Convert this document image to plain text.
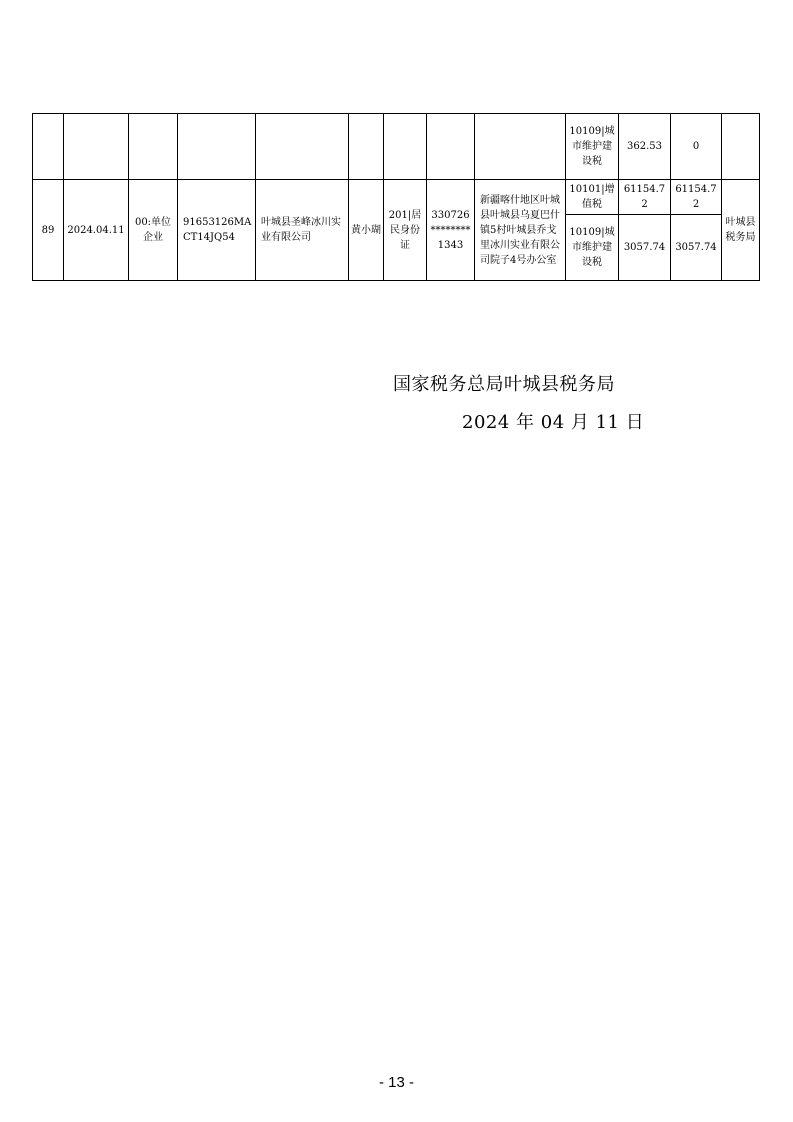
									10109|城市维护建设税	362.53	0	
89	2024.04.11	00:单位企业	91653126MACT14JQ54	叶城县圣峰冰川实业有限公司	黄小瑚	201|居民身份证	330726********1343	新疆喀什地区叶城县叶城县乌夏巴什镇5村叶城县乔戈里冰川实业有限公司院子4号办公室	10101|增值税	61154.72	61154.72	叶城县税务局
									10109|城市维护建设税	3057.74	3057.74	
国家税务总局叶城县税务局
2024 年 04 月 11 日
- 13 -
